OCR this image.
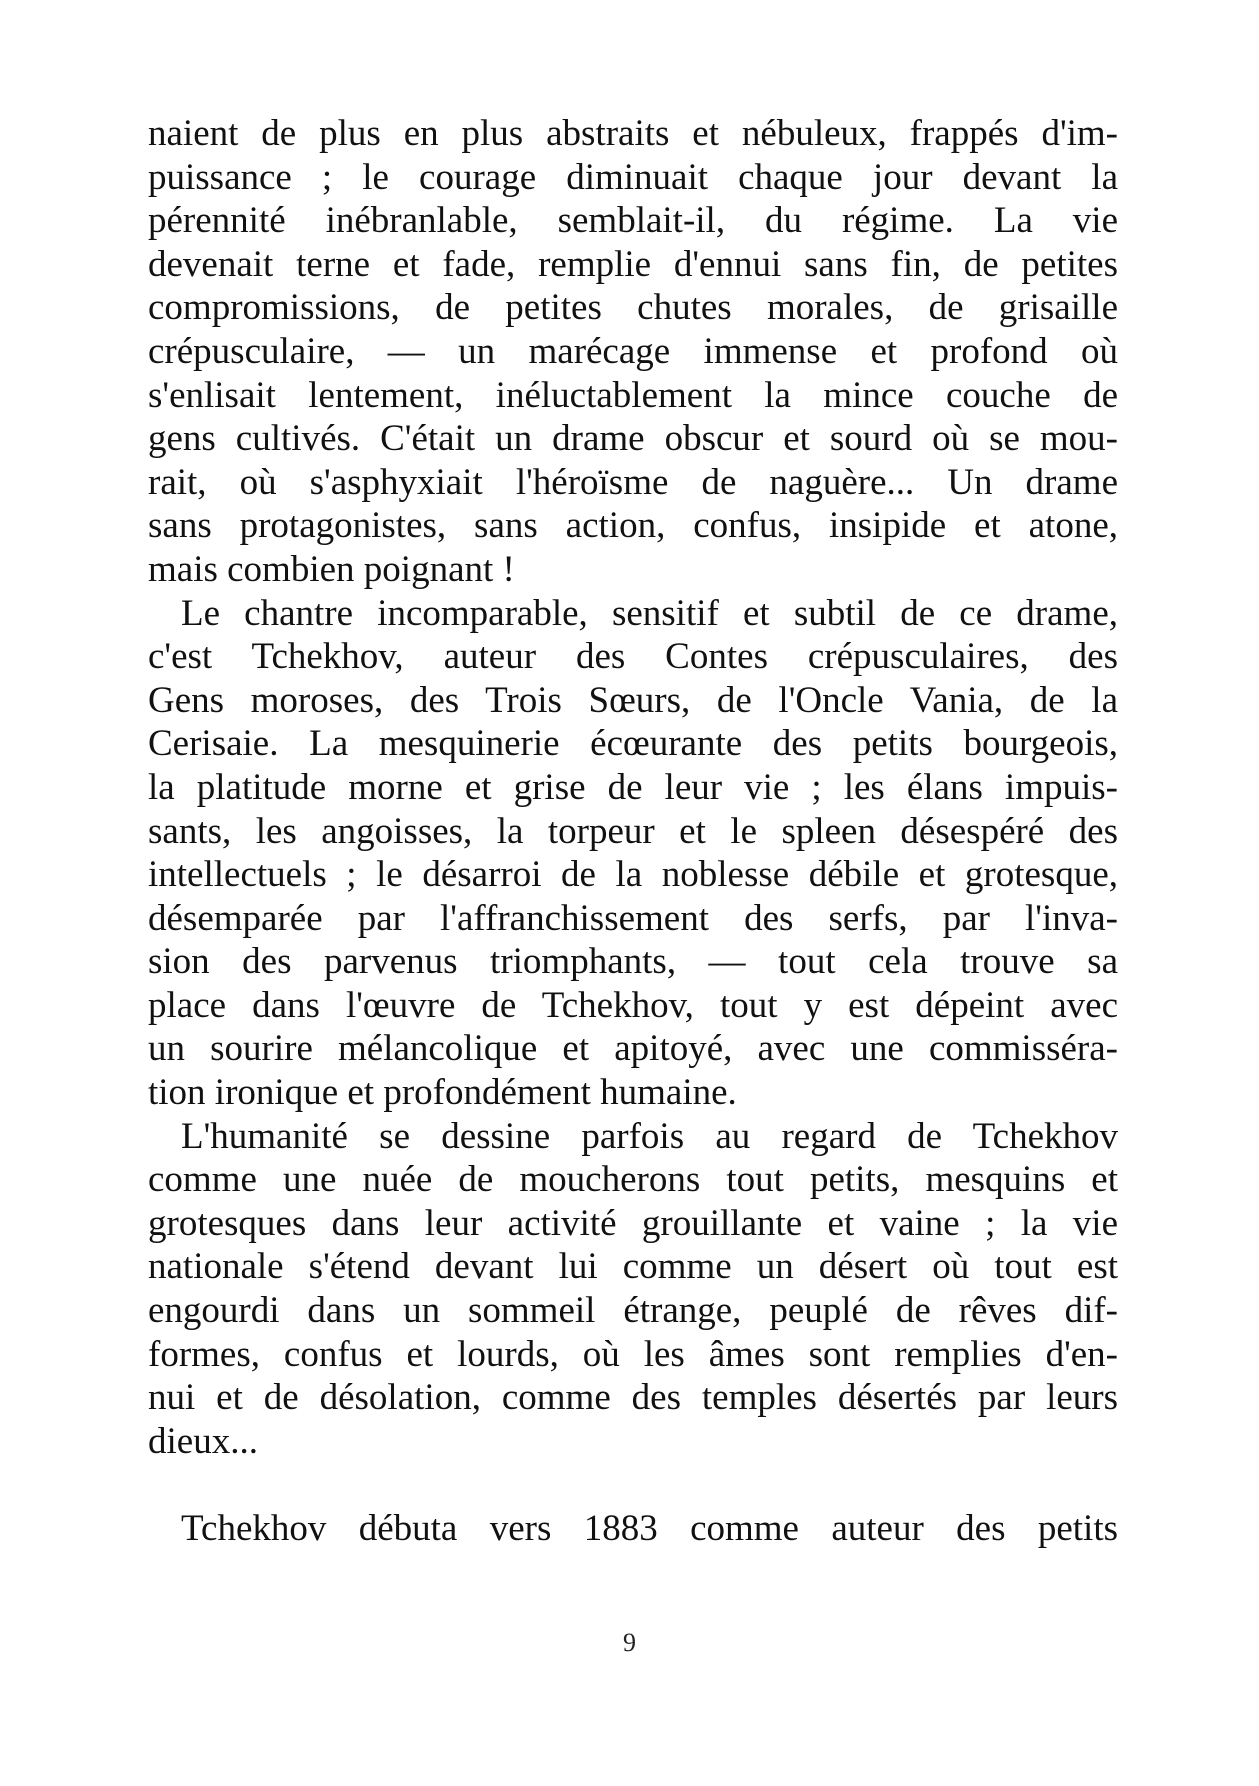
naient de plus en plus abstraits et nébuleux, frappés d'im-
puissance ; le courage diminuait chaque jour devant la
pérennité inébranlable, semblait-il, du régime. La vie
devenait terne et fade, remplie d'ennui sans fin, de petites
compromissions, de petites chutes morales, de grisaille
crépusculaire, — un marécage immense et profond où
s'enlisait lentement, inéluctablement la mince couche de
gens cultivés. C'était un drame obscur et sourd où se mou-
rait, où s'asphyxiait l'héroïsme de naguère... Un drame
sans protagonistes, sans action, confus, insipide et atone,
mais combien poignant !
Le chantre incomparable, sensitif et subtil de ce drame,
c'est Tchekhov, auteur des Contes crépusculaires, des
Gens moroses, des Trois Sœurs, de l'Oncle Vania, de la
Cerisaie. La mesquinerie écœurante des petits bourgeois,
la platitude morne et grise de leur vie ; les élans impuis-
sants, les angoisses, la torpeur et le spleen désespéré des
intellectuels ; le désarroi de la noblesse débile et grotesque,
désemparée par l'affranchissement des serfs, par l'inva-
sion des parvenus triomphants, — tout cela trouve sa
place dans l'œuvre de Tchekhov, tout y est dépeint avec
un sourire mélancolique et apitoyé, avec une commisséra-
tion ironique et profondément humaine.
L'humanité se dessine parfois au regard de Tchekhov
comme une nuée de moucherons tout petits, mesquins et
grotesques dans leur activité grouillante et vaine ; la vie
nationale s'étend devant lui comme un désert où tout est
engourdi dans un sommeil étrange, peuplé de rêves dif-
formes, confus et lourds, où les âmes sont remplies d'en-
nui et de désolation, comme des temples désertés par leurs
dieux...
Tchekhov débuta vers 1883 comme auteur des petits
9
